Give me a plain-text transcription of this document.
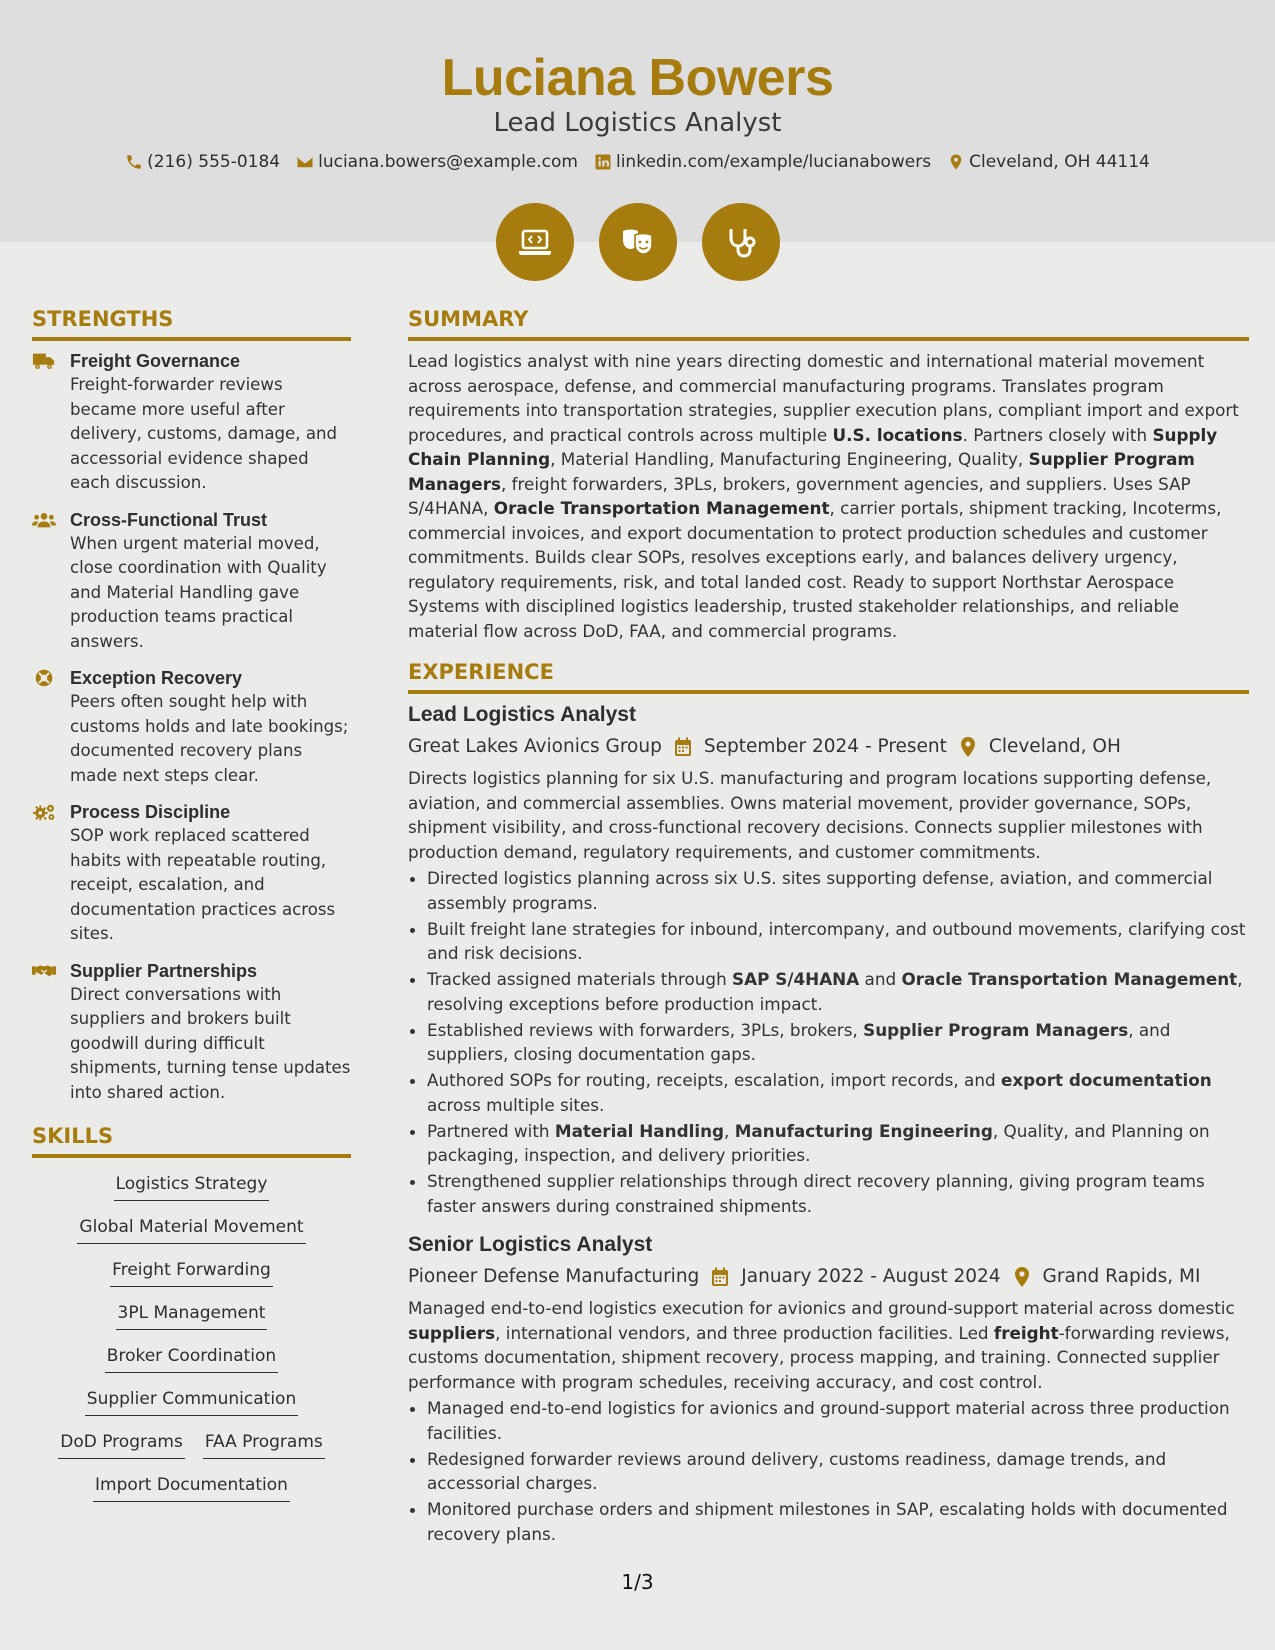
Luciana Bowers
Lead Logistics Analyst
(216) 555-0184 luciana.bowers@example.com linkedin.com/example/lucianabowers Cleveland, OH 44114
STRENGTHS
Freight Governance
Freight-forwarder reviews became more useful after delivery, customs, damage, and accessorial evidence shaped each discussion.
Cross-Functional Trust
When urgent material moved, close coordination with Quality and Material Handling gave production teams practical answers.
Exception Recovery
Peers often sought help with customs holds and late bookings; documented recovery plans made next steps clear.
Process Discipline
SOP work replaced scattered habits with repeatable routing, receipt, escalation, and documentation practices across sites.
Supplier Partnerships
Direct conversations with suppliers and brokers built goodwill during difficult shipments, turning tense updates into shared action.
SKILLS
Logistics Strategy
Global Material Movement
Freight Forwarding
3PL Management
Broker Coordination
Supplier Communication
DoD Programs FAA Programs
Import Documentation
SUMMARY

Lead logistics analyst with nine years directing domestic and international material movement across aerospace, defense, and commercial manufacturing programs. Translates program requirements into transportation strategies, supplier execution plans, compliant import and export procedures, and practical controls across multiple U.S. locations. Partners closely with Supply Chain Planning, Material Handling, Manufacturing Engineering, Quality, Supplier Program Managers, freight forwarders, 3PLs, brokers, government agencies, and suppliers. Uses SAP S/4HANA, Oracle Transportation Management, carrier portals, shipment tracking, Incoterms, commercial invoices, and export documentation to protect production schedules and customer commitments. Builds clear SOPs, resolves exceptions early, and balances delivery urgency, regulatory requirements, risk, and total landed cost. Ready to support Northstar Aerospace Systems with disciplined logistics leadership, trusted stakeholder relationships, and reliable material flow across DoD, FAA, and commercial programs.

EXPERIENCE
Lead Logistics Analyst
Great Lakes Avionics Group September 2024 - Present Cleveland, OH

Directs logistics planning for six U.S. manufacturing and program locations supporting defense, aviation, and commercial assemblies. Owns material movement, provider governance, SOPs, shipment visibility, and cross-functional recovery decisions. Connects supplier milestones with production demand, regulatory requirements, and customer commitments.

• Directed logistics planning across six U.S. sites supporting defense, aviation, and commercial assembly programs.
• Built freight lane strategies for inbound, intercompany, and outbound movements, clarifying cost and risk decisions.
• Tracked assigned materials through SAP S/4HANA and Oracle Transportation Management, resolving exceptions before production impact.
• Established reviews with forwarders, 3PLs, brokers, Supplier Program Managers, and suppliers, closing documentation gaps.
• Authored SOPs for routing, receipts, escalation, import records, and export documentation across multiple sites.
• Partnered with Material Handling, Manufacturing Engineering, Quality, and Planning on packaging, inspection, and delivery priorities.
• Strengthened supplier relationships through direct recovery planning, giving program teams faster answers during constrained shipments.
Senior Logistics Analyst
Pioneer Defense Manufacturing January 2022 - August 2024 Grand Rapids, MI

Managed end-to-end logistics execution for avionics and ground-support material across domestic suppliers, international vendors, and three production facilities. Led freight-forwarding reviews, customs documentation, shipment recovery, process mapping, and training. Connected supplier performance with program schedules, receiving accuracy, and cost control.

• Managed end-to-end logistics for avionics and ground-support material across three production facilities.
• Redesigned forwarder reviews around delivery, customs readiness, damage trends, and accessorial charges.
• Monitored purchase orders and shipment milestones in SAP, escalating holds with documented recovery plans.
1/3
